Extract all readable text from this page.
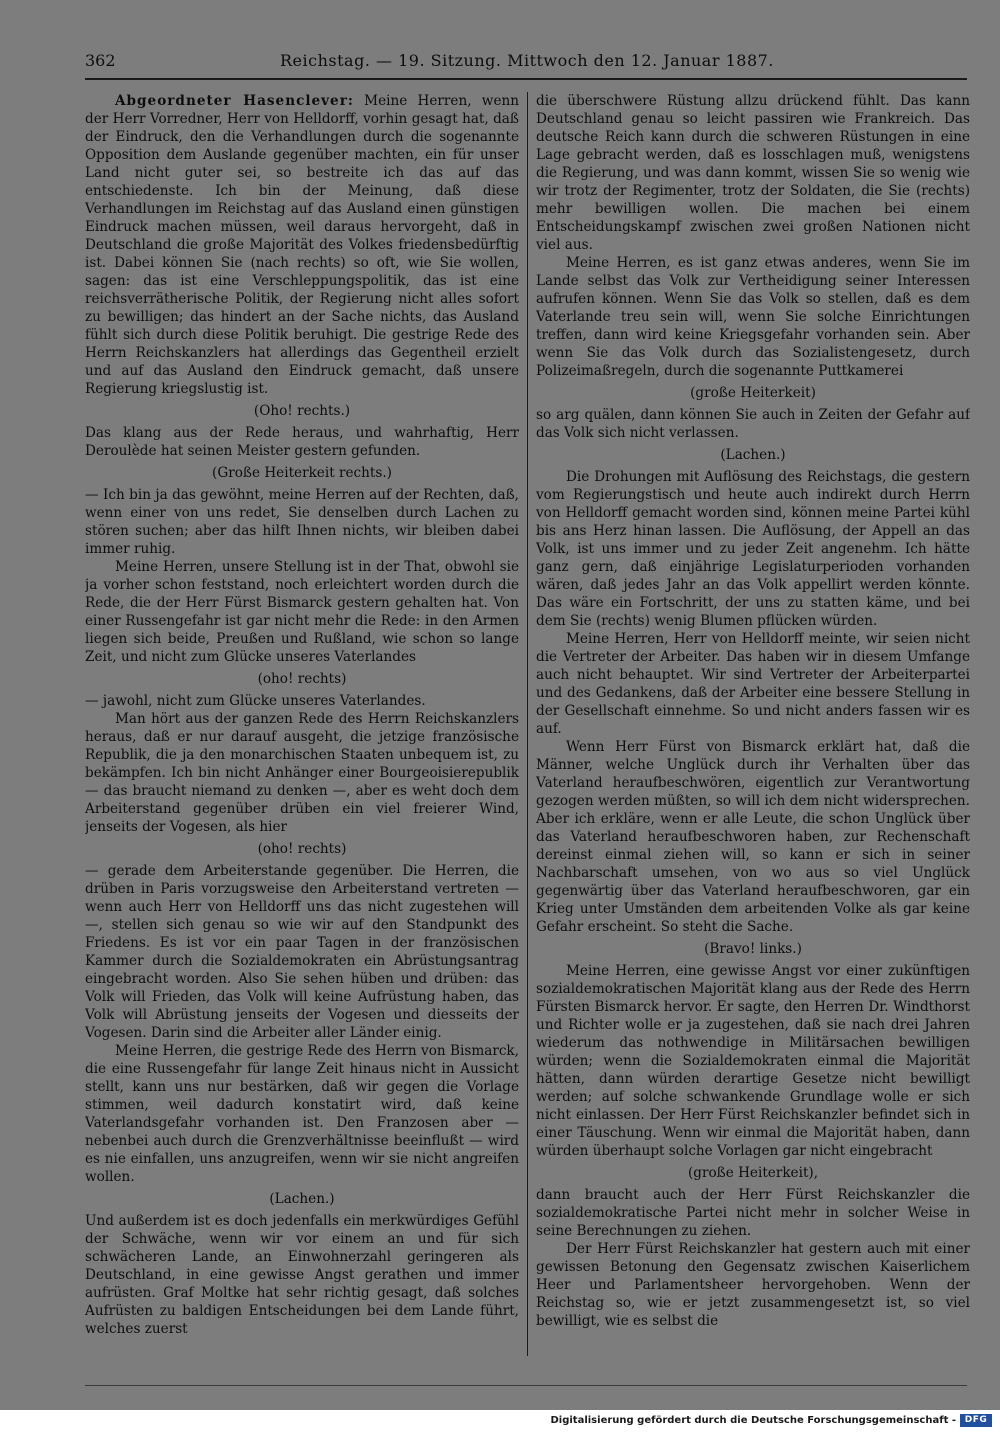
362	Reichstag. — 19. Sitzung. Mittwoch den 12. Januar 1887.

Abgeordneter Hasenclever: Meine Herren, wenn der Herr Vorredner, Herr von Helldorff, vorhin gesagt hat, daß der Eindruck, den die Verhandlungen durch die sogenannte Opposition dem Auslande gegenüber machten, ein für unser Land nicht guter sei, so bestreite ich das auf das entschiedenste. Ich bin der Meinung, daß diese Verhandlungen im Reichstag auf das Ausland einen günstigen Eindruck machen müssen, weil daraus hervorgeht, daß in Deutschland die große Majorität des Volkes friedensbedürftig ist. Dabei können Sie (nach rechts) so oft, wie Sie wollen, sagen: das ist eine Verschleppungspolitik, das ist eine reichsverrätherische Politik, der Regierung nicht alles sofort zu bewilligen; das hindert an der Sache nichts, das Ausland fühlt sich durch diese Politik beruhigt. Die gestrige Rede des Herrn Reichskanzlers hat allerdings das Gegentheil erzielt und auf das Ausland den Eindruck gemacht, daß unsere Regierung kriegslustig ist.

(Oho! rechts.)

Das klang aus der Rede heraus, und wahrhaftig, Herr Deroulède hat seinen Meister gestern gefunden.

(Große Heiterkeit rechts.)

— Ich bin ja das gewöhnt, meine Herren auf der Rechten, daß, wenn einer von uns redet, Sie denselben durch Lachen zu stören suchen; aber das hilft Ihnen nichts, wir bleiben dabei immer ruhig.

Meine Herren, unsere Stellung ist in der That, obwohl sie ja vorher schon feststand, noch erleichtert worden durch die Rede, die der Herr Fürst Bismarck gestern gehalten hat. Von einer Russengefahr ist gar nicht mehr die Rede: in den Armen liegen sich beide, Preußen und Rußland, wie schon so lange Zeit, und nicht zum Glücke unseres Vaterlandes

(oho! rechts)

— jawohl, nicht zum Glücke unseres Vaterlandes.

Man hört aus der ganzen Rede des Herrn Reichskanzlers heraus, daß er nur darauf ausgeht, die jetzige französische Republik, die ja den monarchischen Staaten unbequem ist, zu bekämpfen. Ich bin nicht Anhänger einer Bourgeoisierepublik — das braucht niemand zu denken —, aber es weht doch dem Arbeiterstand gegenüber drüben ein viel freierer Wind, jenseits der Vogesen, als hier

(oho! rechts)

— gerade dem Arbeiterstande gegenüber. Die Herren, die drüben in Paris vorzugsweise den Arbeiterstand vertreten — wenn auch Herr von Helldorff uns das nicht zugestehen will —, stellen sich genau so wie wir auf den Standpunkt des Friedens. Es ist vor ein paar Tagen in der französischen Kammer durch die Sozialdemokraten ein Abrüstungsantrag eingebracht worden. Also Sie sehen hüben und drüben: das Volk will Frieden, das Volk will keine Aufrüstung haben, das Volk will Abrüstung jenseits der Vogesen und diesseits der Vogesen. Darin sind die Arbeiter aller Länder einig.

Meine Herren, die gestrige Rede des Herrn von Bismarck, die eine Russengefahr für lange Zeit hinaus nicht in Aussicht stellt, kann uns nur bestärken, daß wir gegen die Vorlage stimmen, weil dadurch konstatirt wird, daß keine Vaterlandsgefahr vorhanden ist. Den Franzosen aber — nebenbei auch durch die Grenzverhältnisse beeinflußt — wird es nie einfallen, uns anzugreifen, wenn wir sie nicht angreifen wollen.

(Lachen.)

Und außerdem ist es doch jedenfalls ein merkwürdiges Gefühl der Schwäche, wenn wir vor einem an und für sich schwächeren Lande, an Einwohnerzahl geringeren als Deutschland, in eine gewisse Angst gerathen und immer aufrüsten. Graf Moltke hat sehr richtig gesagt, daß solches Aufrüsten zu baldigen Entscheidungen bei dem Lande führt, welches zuerst

die überschwere Rüstung allzu drückend fühlt. Das kann Deutschland genau so leicht passiren wie Frankreich. Das deutsche Reich kann durch die schweren Rüstungen in eine Lage gebracht werden, daß es losschlagen muß, wenigstens die Regierung, und was dann kommt, wissen Sie so wenig wie wir trotz der Regimenter, trotz der Soldaten, die Sie (rechts) mehr bewilligen wollen. Die machen bei einem Entscheidungskampf zwischen zwei großen Nationen nicht viel aus.

Meine Herren, es ist ganz etwas anderes, wenn Sie im Lande selbst das Volk zur Vertheidigung seiner Interessen aufrufen können. Wenn Sie das Volk so stellen, daß es dem Vaterlande treu sein will, wenn Sie solche Einrichtungen treffen, dann wird keine Kriegsgefahr vorhanden sein. Aber wenn Sie das Volk durch das Sozialistengesetz, durch Polizeimaßregeln, durch die sogenannte Puttkamerei

(große Heiterkeit)

so arg quälen, dann können Sie auch in Zeiten der Gefahr auf das Volk sich nicht verlassen.

(Lachen.)

Die Drohungen mit Auflösung des Reichstags, die gestern vom Regierungstisch und heute auch indirekt durch Herrn von Helldorff gemacht worden sind, können meine Partei kühl bis ans Herz hinan lassen. Die Auflösung, der Appell an das Volk, ist uns immer und zu jeder Zeit angenehm. Ich hätte ganz gern, daß einjährige Legislaturperioden vorhanden wären, daß jedes Jahr an das Volk appellirt werden könnte. Das wäre ein Fortschritt, der uns zu statten käme, und bei dem Sie (rechts) wenig Blumen pflücken würden.

Meine Herren, Herr von Helldorff meinte, wir seien nicht die Vertreter der Arbeiter. Das haben wir in diesem Umfange auch nicht behauptet. Wir sind Vertreter der Arbeiterpartei und des Gedankens, daß der Arbeiter eine bessere Stellung in der Gesellschaft einnehme. So und nicht anders fassen wir es auf.

Wenn Herr Fürst von Bismarck erklärt hat, daß die Männer, welche Unglück durch ihr Verhalten über das Vaterland heraufbeschwören, eigentlich zur Verantwortung gezogen werden müßten, so will ich dem nicht widersprechen. Aber ich erkläre, wenn er alle Leute, die schon Unglück über das Vaterland heraufbeschworen haben, zur Rechenschaft dereinst einmal ziehen will, so kann er sich in seiner Nachbarschaft umsehen, von wo aus so viel Unglück gegenwärtig über das Vaterland heraufbeschworen, gar ein Krieg unter Umständen dem arbeitenden Volke als gar keine Gefahr erscheint. So steht die Sache.

(Bravo! links.)

Meine Herren, eine gewisse Angst vor einer zukünftigen sozialdemokratischen Majorität klang aus der Rede des Herrn Fürsten Bismarck hervor. Er sagte, den Herren Dr. Windthorst und Richter wolle er ja zugestehen, daß sie nach drei Jahren wiederum das nothwendige in Militärsachen bewilligen würden; wenn die Sozialdemokraten einmal die Majorität hätten, dann würden derartige Gesetze nicht bewilligt werden; auf solche schwankende Grundlage wolle er sich nicht einlassen. Der Herr Fürst Reichskanzler befindet sich in einer Täuschung. Wenn wir einmal die Majorität haben, dann würden überhaupt solche Vorlagen gar nicht eingebracht

(große Heiterkeit),

dann braucht auch der Herr Fürst Reichskanzler die sozialdemokratische Partei nicht mehr in solcher Weise in seine Berechnungen zu ziehen.

Der Herr Fürst Reichskanzler hat gestern auch mit einer gewissen Betonung den Gegensatz zwischen Kaiserlichem Heer und Parlamentsheer hervorgehoben. Wenn der Reichstag so, wie er jetzt zusammengesetzt ist, so viel bewilligt, wie es selbst die

Digitalisierung gefördert durch die Deutsche Forschungsgemeinschaft - DFG
